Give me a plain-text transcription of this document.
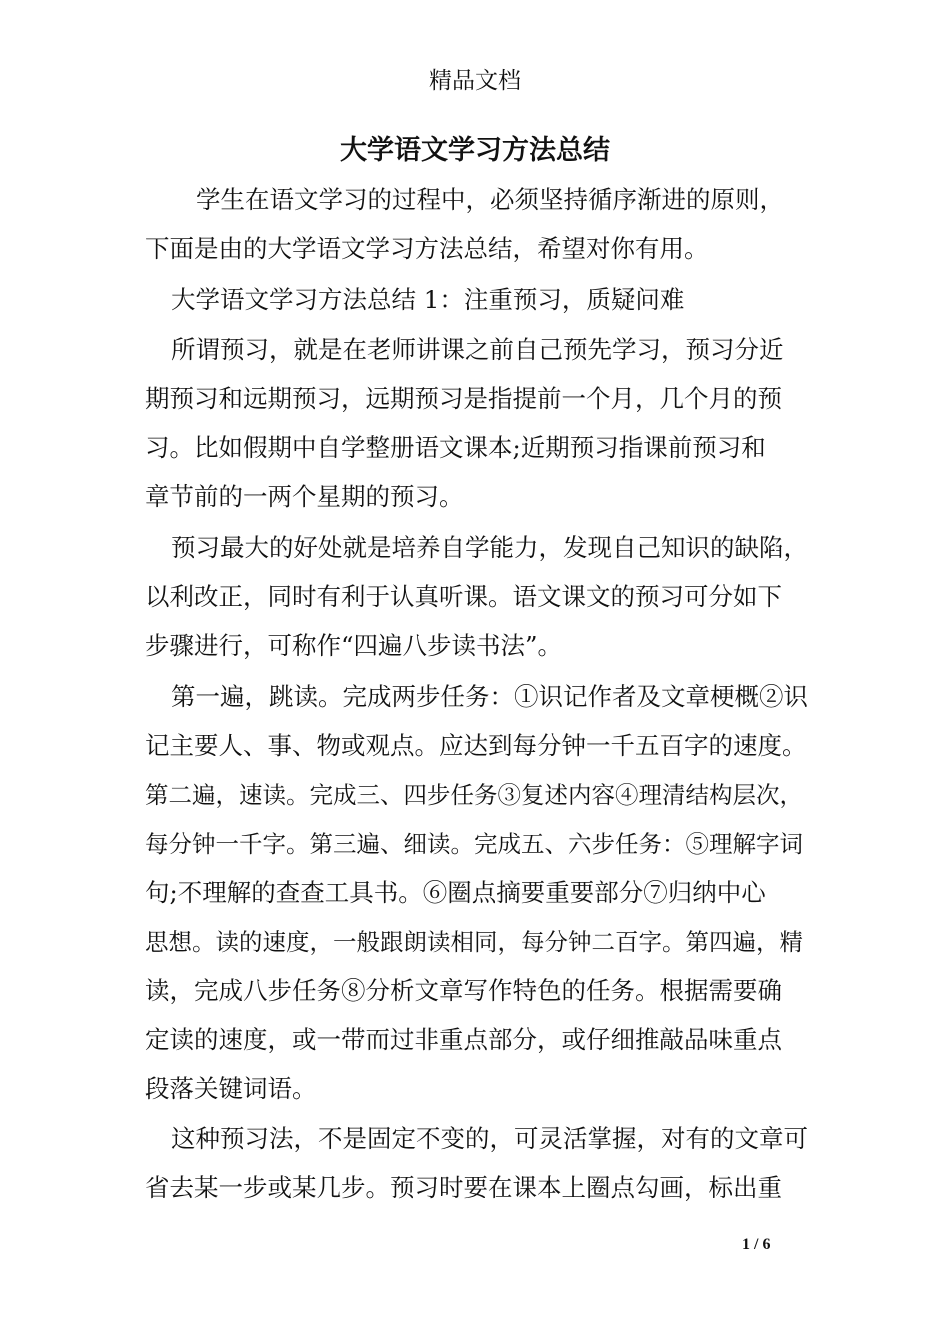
精品文档
大学语文学习方法总结
学生在语文学习的过程中，必须坚持循序渐进的原则，
下面是由的大学语文学习方法总结，希望对你有用。
大学语文学习方法总结 1：注重预习，质疑问难
所谓预习，就是在老师讲课之前自己预先学习，预习分近
期预习和远期预习，远期预习是指提前一个月，几个月的预
习。比如假期中自学整册语文课本;近期预习指课前预习和
章节前的一两个星期的预习。
预习最大的好处就是培养自学能力，发现自己知识的缺陷，
以利改正，同时有利于认真听课。语文课文的预习可分如下
步骤进行，可称作“四遍八步读书法”。
第一遍，跳读。完成两步任务：①识记作者及文章梗概②识
记主要人、事、物或观点。应达到每分钟一千五百字的速度。
第二遍，速读。完成三、四步任务③复述内容④理清结构层次，
每分钟一千字。第三遍、细读。完成五、六步任务：⑤理解字词
句;不理解的查查工具书。⑥圈点摘要重要部分⑦归纳中心
思想。读的速度，一般跟朗读相同，每分钟二百字。第四遍，精
读，完成八步任务⑧分析文章写作特色的任务。根据需要确
定读的速度，或一带而过非重点部分，或仔细推敲品味重点
段落关键词语。
这种预习法，不是固定不变的，可灵活掌握，对有的文章可
省去某一步或某几步。预习时要在课本上圈点勾画，标出重
1 / 6
